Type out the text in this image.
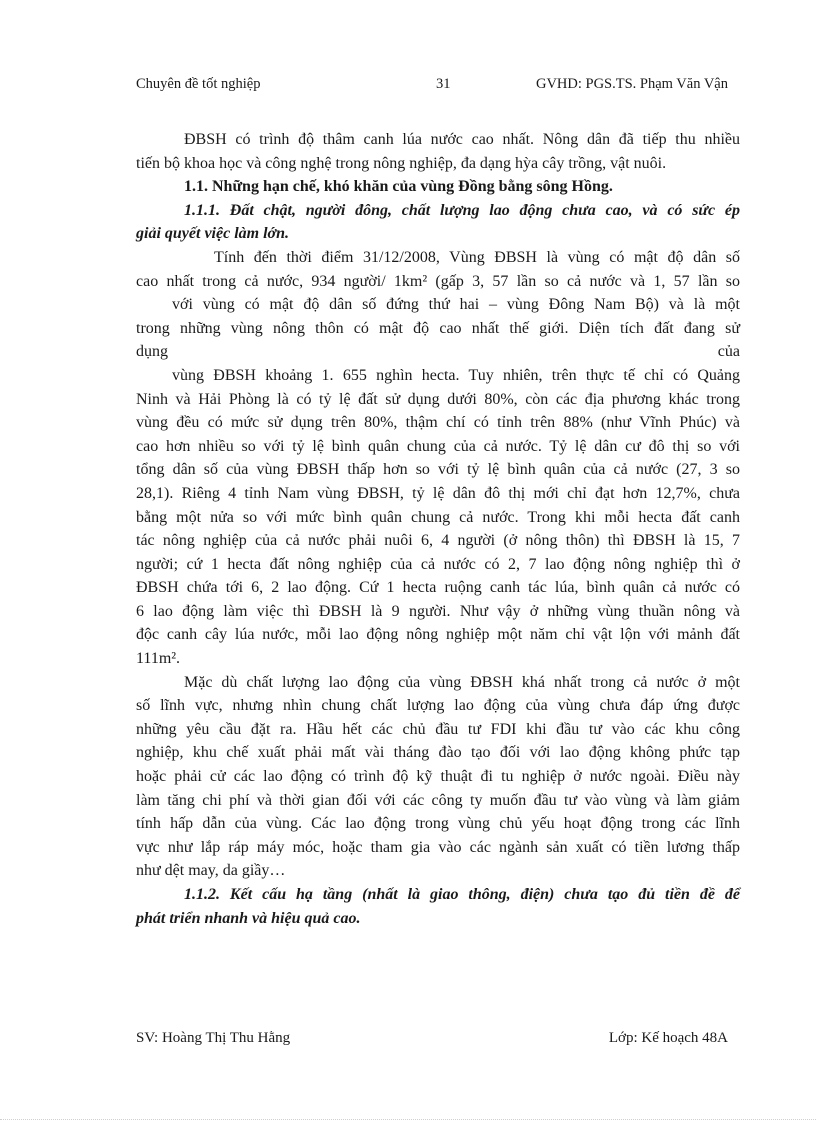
Chuyên đề tốt nghiệp	31	GVHD: PGS.TS. Phạm Văn Vận
ĐBSH có trình độ thâm canh lúa nước cao nhất. Nông dân đã tiếp thu nhiều
tiến bộ khoa học và công nghệ trong nông nghiệp, đa dạng hỳa cây trồng, vật nuôi.
1.1. Những hạn chế, khó khăn của vùng Đồng bằng sông Hồng.
1.1.1. Đất chật, người đông, chất lượng lao động chưa cao, và có sức ép
giải quyết việc làm lớn.
Tính đến thời điểm 31/12/2008, Vùng ĐBSH là vùng có mật độ dân số
cao nhất trong cả nước, 934 người/ 1km² (gấp 3, 57 lần so cả nước và 1, 57 lần so
với vùng có mật độ dân số đứng thứ hai – vùng Đông Nam Bộ) và là một
trong những vùng nông thôn có mật độ cao nhất thế giới. Diện tích đất đang sử
dụng	của
vùng ĐBSH khoảng 1. 655 nghìn hecta. Tuy nhiên, trên thực tế chỉ có Quảng
Ninh và Hải Phòng là có tỷ lệ đất sử dụng dưới 80%, còn các địa phương khác trong
vùng đều có mức sử dụng trên 80%, thậm chí có tỉnh trên 88% (như Vĩnh Phúc) và
cao hơn nhiều so với tỷ lệ bình quân chung của cả nước. Tỷ lệ dân cư đô thị so với
tổng dân số của vùng ĐBSH thấp hơn so với tỷ lệ bình quân của cả nước (27, 3 so
28,1). Riêng 4 tỉnh Nam vùng ĐBSH, tỷ lệ dân đô thị mới chỉ đạt hơn 12,7%, chưa
bằng một nửa so với mức bình quân chung cả nước. Trong khi mỗi hecta đất canh
tác nông nghiệp của cả nước phải nuôi 6, 4 người (ở nông thôn) thì ĐBSH là 15, 7
người; cứ 1 hecta đất nông nghiệp của cả nước có 2, 7 lao động nông nghiệp thì ở
ĐBSH chứa tới 6, 2 lao động. Cứ 1 hecta ruộng canh tác lúa, bình quân cả nước có
6 lao động làm việc thì ĐBSH là 9 người. Như vậy ở những vùng thuần nông và
độc canh cây lúa nước, mỗi lao động nông nghiệp một năm chỉ vật lộn với mảnh đất
111m².
Mặc dù chất lượng lao động của vùng ĐBSH khá nhất trong cả nước ở một
số lĩnh vực, nhưng nhìn chung chất lượng lao động của vùng chưa đáp ứng được
những yêu cầu đặt ra. Hầu hết các chủ đầu tư FDI khi đầu tư vào các khu công
nghiệp, khu chế xuất phải mất vài tháng đào tạo đối với lao động không phức tạp
hoặc phải cử các lao động có trình độ kỹ thuật đi tu nghiệp ở nước ngoài. Điều này
làm tăng chi phí và thời gian đối với các công ty muốn đầu tư vào vùng và làm giảm
tính hấp dẫn của vùng. Các lao động trong vùng chủ yếu hoạt động trong các lĩnh
vực như lắp ráp máy móc, hoặc tham gia vào các ngành sản xuất có tiền lương thấp
như dệt may, da giầy…
1.1.2. Kết cấu hạ tầng (nhất là giao thông, điện) chưa tạo đủ tiền đề để
phát triển nhanh và hiệu quả cao.
SV: Hoàng Thị Thu Hằng	Lớp: Kế hoạch 48A
